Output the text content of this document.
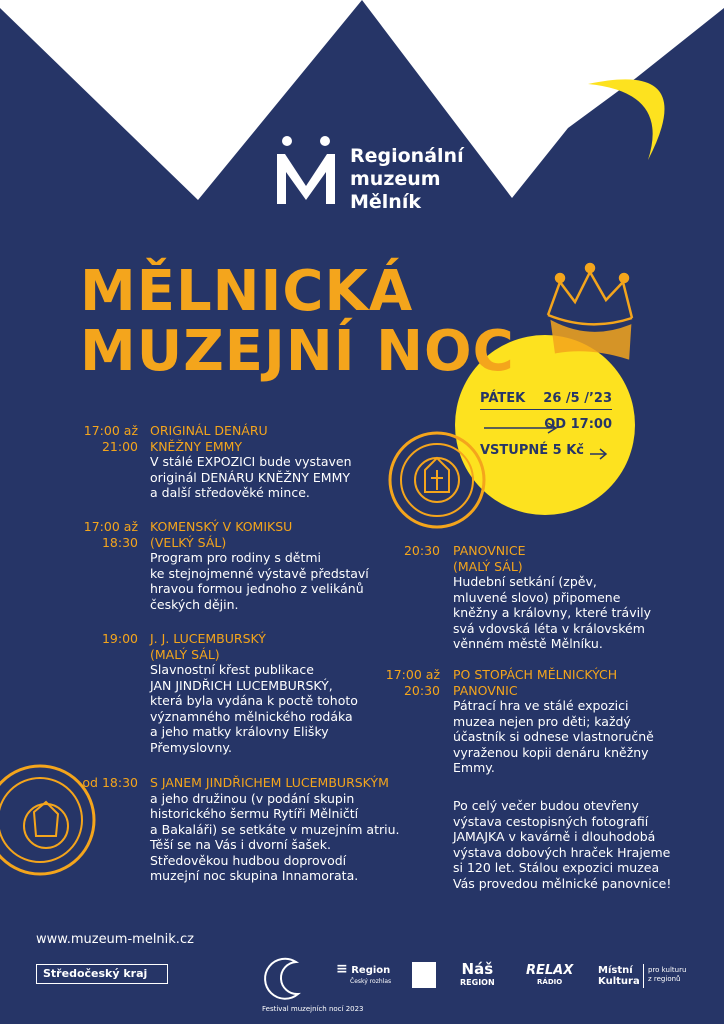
Regionální
muzeum
Mělník
MĚLNICKÁ
MUZEJNÍ NOC
PÁTEK 26 /5 /’23
OD 17:00
VSTUPNÉ 5 Kč
17:00 až
21:00
ORIGINÁL DENÁRU
KNĚŽNY EMMY
V stálé EXPOZICI bude vystaven
originál DENÁRU KNĚŽNY EMMY
a další středověké mince.
17:00 až
18:30
KOMENSKÝ V KOMIKSU
(VELKÝ SÁL)
Program pro rodiny s dětmi
ke stejnojmenné výstavě představí
hravou formou jednoho z velikánů
českých dějin.
19:00 J. J. LUCEMBURSKÝ
(MALÝ SÁL)
Slavnostní křest publikace
JAN JINDŘICH LUCEMBURSKÝ,
která byla vydána k poctě tohoto
významného mělnického rodáka
a jeho matky královny Elišky
Přemyslovny.
od 18:30 S JANEM JINDŘICHEM LUCEMBURSKÝM
a jeho družinou (v podání skupin
historického šermu Rytíři Mělničtí
a Bakaláři) se setkáte v muzejním atriu.
Těší se na Vás i dvorní šašek.
Středověkou hudbou doprovodí
muzejní noc skupina Innamorata.
20:30 PANOVNICE
(MALÝ SÁL)
Hudební setkání (zpěv,
mluvené slovo) připomene
kněžny a královny, které trávily
svá vdovská léta v královském
věnném městě Mělníku.
17:00 až
20:30
PO STOPÁCH MĚLNICKÝCH
PANOVNIC
Pátrací hra ve stálé expozici
muzea nejen pro děti; každý
účastník si odnese vlastnoručně
vyraženou kopii denáru kněžny
Emmy.
Po celý večer budou otevřeny
výstava cestopisných fotografií
JAMAJKA v kavárně i dlouhodobá
výstava dobových hraček Hrajeme
si 120 let. Stálou expozici muzea
Vás provedou mělnické panovnice!
www.muzeum-melnik.cz
Středočeský kraj
Festival muzejních nocí 2023
≡ Region
Český rozhlas
Náš
REGION
RELAX
RÁDIO
Místní
Kultura
pro kulturu
z regionů
